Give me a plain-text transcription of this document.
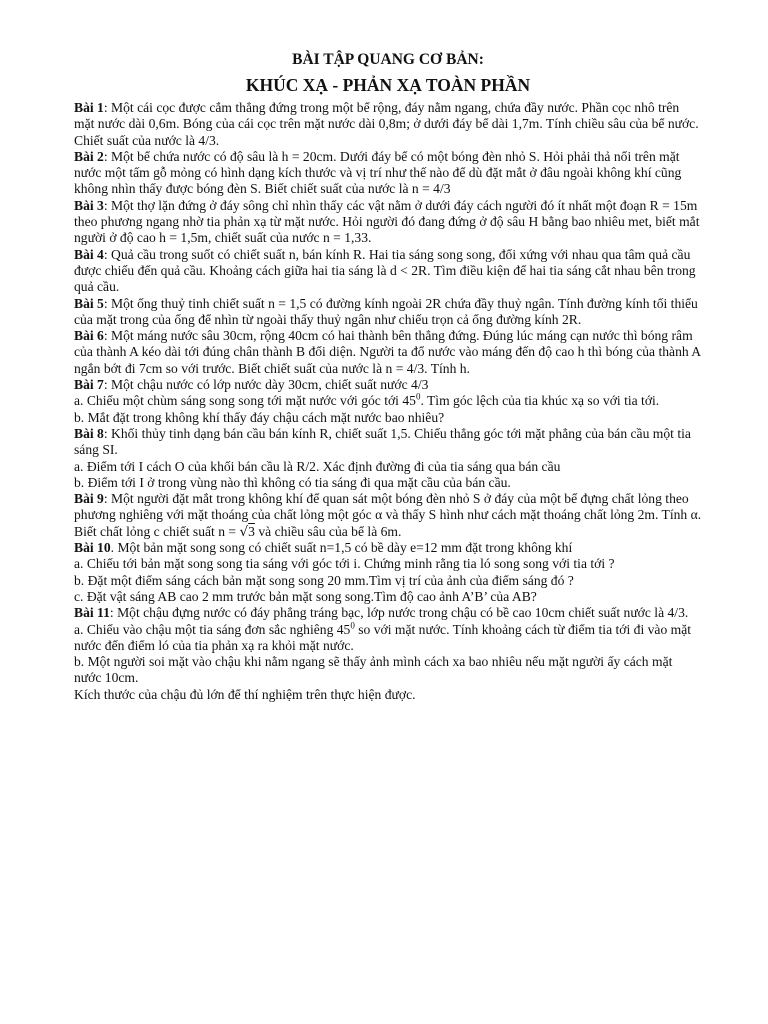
BÀI TẬP QUANG CƠ BẢN:
KHÚC XẠ - PHẢN XẠ TOÀN PHẦN

Bài 1: Một cái cọc được cắm thẳng đứng trong một bể rộng, đáy nằm ngang, chứa đầy nước. Phần cọc nhô trên mặt nước dài 0,6m. Bóng của cái cọc trên mặt nước dài 0,8m; ở dưới đáy bể dài 1,7m. Tính chiều sâu của bể nước. Chiết suất của nước là 4/3.

Bài 2: Một bể chứa nước có độ sâu là h = 20cm. Dưới đáy bể có một bóng đèn nhỏ S. Hỏi phải thả nổi trên mặt nước một tấm gỗ mỏng có hình dạng kích thước và vị trí như thế nào để dù đặt mắt ở đâu ngoài không khí cũng không nhìn thấy được bóng đèn S. Biết chiết suất của nước là n = 4/3

Bài 3: Một thợ lặn đứng ở đáy sông chỉ nhìn thấy các vật nằm ở dưới đáy cách người đó ít nhất một đoạn R = 15m theo phương ngang nhờ tia phản xạ từ mặt nước. Hỏi người đó đang đứng ở độ sâu H bằng bao nhiêu met, biết mắt người ở độ cao h = 1,5m, chiết suất của nước n = 1,33.

Bài 4: Quả cầu trong suốt có chiết suất n, bán kính R. Hai tia sáng song song, đối xứng với nhau qua tâm quả cầu được chiếu đến quả cầu. Khoảng cách giữa hai tia sáng là d < 2R. Tìm điều kiện để hai tia sáng cắt nhau bên trong quả cầu.

Bài 5: Một ống thuỷ tinh chiết suất n = 1,5 có đường kính ngoài 2R chứa đầy thuỷ ngân. Tính đường kính tối thiểu của mặt trong của ống để nhìn từ ngoài thấy thuỷ ngân như chiếu trọn cả ống đường kính 2R.

Bài 6: Một máng nước sâu 30cm, rộng 40cm có hai thành bên thẳng đứng. Đúng lúc máng cạn nước thì bóng râm của thành A kéo dài tới đúng chân thành B đối diện. Người ta đổ nước vào máng đến độ cao h thì bóng của thành A ngắn bớt đi 7cm so với trước. Biết chiết suất của nước là n = 4/3. Tính h.

Bài 7: Một chậu nước có lớp nước dày 30cm, chiết suất nước 4/3

a. Chiếu một chùm sáng song song tới mặt nước với góc tới $45^0$. Tìm góc lệch của tia khúc xạ so với tia tới.

b. Mắt đặt trong không khí thấy đáy chậu cách mặt nước bao nhiêu?

Bài 8: Khối thủy tinh dạng bán cầu bán kính R, chiết suất 1,5. Chiếu thẳng góc tới mặt phẳng của bán cầu một tia sáng SI.

a. Điểm tới I cách O của khối bán cầu là R/2. Xác định đường đi của tia sáng qua bán cầu

b. Điểm tới I ở trong vùng nào thì không có tia sáng đi qua mặt cầu của bán cầu.

Bài 9: Một người đặt mắt trong không khí để quan sát một bóng đèn nhỏ S ở đáy của một bể đựng chất lỏng theo phương nghiêng với mặt thoáng của chất lỏng một góc α và thấy S hình như cách mặt thoáng chất lỏng 2m. Tính α. Biết chất lỏng c chiết suất n = √3 và chiều sâu của bể là 6m.

Bài 10. Một bản mặt song song có chiết suất n=1,5 có bề dày e=12 mm đặt trong không khí

a. Chiếu tới bản mặt song song tia sáng với góc tới i. Chứng minh rằng tia ló song song với tia tới ?

b. Đặt một điểm sáng cách bản mặt song song 20 mm.Tìm vị trí của ảnh của điểm sáng đó ?

c. Đặt vật sáng AB cao 2 mm trước bản mặt song song.Tìm độ cao ảnh A’B’ của AB?

Bài 11: Một chậu đựng nước có đáy phẳng tráng bạc, lớp nước trong chậu có bề cao 10cm chiết suất nước là 4/3.

a. Chiếu vào chậu một tia sáng đơn sắc nghiêng $45^0$ so với mặt nước. Tính khoảng cách từ điểm tia tới đi vào mặt nước đến điểm ló của tia phản xạ ra khỏi mặt nước.

b. Một người soi mặt vào chậu khi nằm ngang sẽ thấy ảnh mình cách xa bao nhiêu nếu mặt người ấy cách mặt nước 10cm.

Kích thước của chậu đủ lớn để thí nghiệm trên thực hiện được.
